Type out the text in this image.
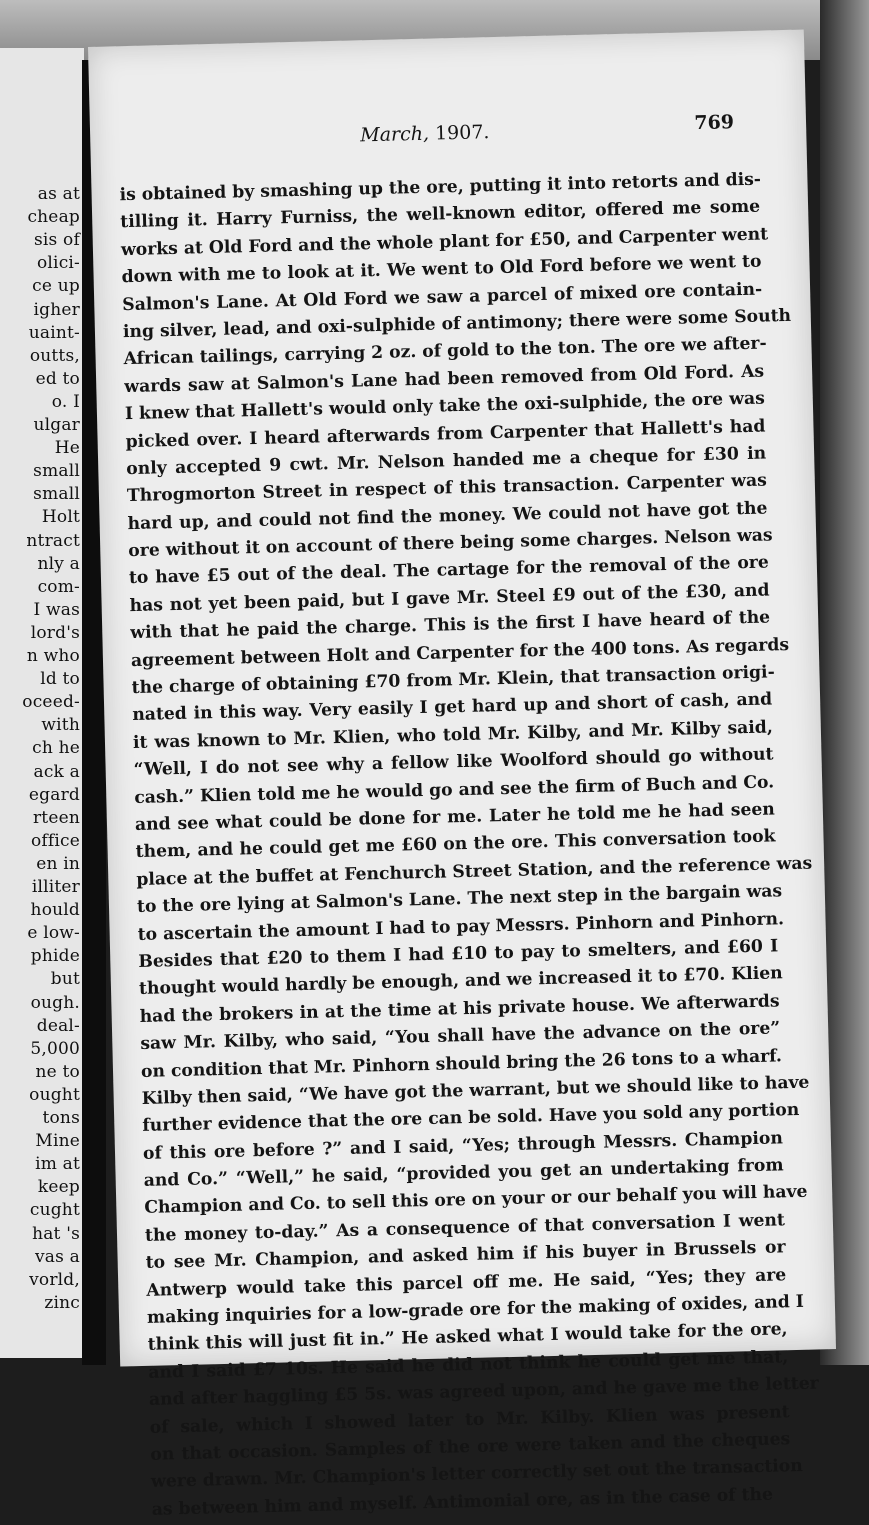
as at
cheap
sis of
olici-
ce up
igher
uaint-
outts,
ed to
o. I
ulgar
He
small
small
Holt
ntract
nly a
com-
I was
lord's
n who
ld to
oceed-
with
ch he
ack a
egard
rteen
office
en in
illiter
hould
e low-
phide
but
ough.
deal-
5,000
ne to
ought
tons
Mine
im at
keep
cught
hat 's
vas a
vorld,
zinc
March, 1907.	769
is obtained by smashing up the ore, putting it into retorts and dis-
tilling it. Harry Furniss, the well-known editor, offered me some
works at Old Ford and the whole plant for £50, and Carpenter went
down with me to look at it. We went to Old Ford before we went to
Salmon's Lane. At Old Ford we saw a parcel of mixed ore contain-
ing silver, lead, and oxi-sulphide of antimony; there were some South
African tailings, carrying 2 oz. of gold to the ton. The ore we after-
wards saw at Salmon's Lane had been removed from Old Ford. As
I knew that Hallett's would only take the oxi-sulphide, the ore was
picked over. I heard afterwards from Carpenter that Hallett's had
only accepted 9 cwt. Mr. Nelson handed me a cheque for £30 in
Throgmorton Street in respect of this transaction. Carpenter was
hard up, and could not find the money. We could not have got the
ore without it on account of there being some charges. Nelson was
to have £5 out of the deal. The cartage for the removal of the ore
has not yet been paid, but I gave Mr. Steel £9 out of the £30, and
with that he paid the charge. This is the first I have heard of the
agreement between Holt and Carpenter for the 400 tons. As regards
the charge of obtaining £70 from Mr. Klein, that transaction origi-
nated in this way. Very easily I get hard up and short of cash, and
it was known to Mr. Klien, who told Mr. Kilby, and Mr. Kilby said,
“Well, I do not see why a fellow like Woolford should go without
cash.” Klien told me he would go and see the firm of Buch and Co.
and see what could be done for me. Later he told me he had seen
them, and he could get me £60 on the ore. This conversation took
place at the buffet at Fenchurch Street Station, and the reference was
to the ore lying at Salmon's Lane. The next step in the bargain was
to ascertain the amount I had to pay Messrs. Pinhorn and Pinhorn.
Besides that £20 to them I had £10 to pay to smelters, and £60 I
thought would hardly be enough, and we increased it to £70. Klien
had the brokers in at the time at his private house. We afterwards
saw Mr. Kilby, who said, “You shall have the advance on the ore”
on condition that Mr. Pinhorn should bring the 26 tons to a wharf.
Kilby then said, “We have got the warrant, but we should like to have
further evidence that the ore can be sold. Have you sold any portion
of this ore before ?” and I said, “Yes; through Messrs. Champion
and Co.” “Well,” he said, “provided you get an undertaking from
Champion and Co. to sell this ore on your or our behalf you will have
the money to-day.” As a consequence of that conversation I went
to see Mr. Champion, and asked him if his buyer in Brussels or
Antwerp would take this parcel off me. He said, “Yes; they are
making inquiries for a low-grade ore for the making of oxides, and I
think this will just fit in.” He asked what I would take for the ore,
and I said £7 10s. He said he did not think he could get me that,
and after haggling £5 5s. was agreed upon, and he gave me the letter
of sale, which I showed later to Mr. Kilby. Klien was present
on that occasion. Samples of the ore were taken and the cheques
were drawn. Mr. Champion's letter correctly set out the transaction
as between him and myself. Antimonial ore, as in the case of the
